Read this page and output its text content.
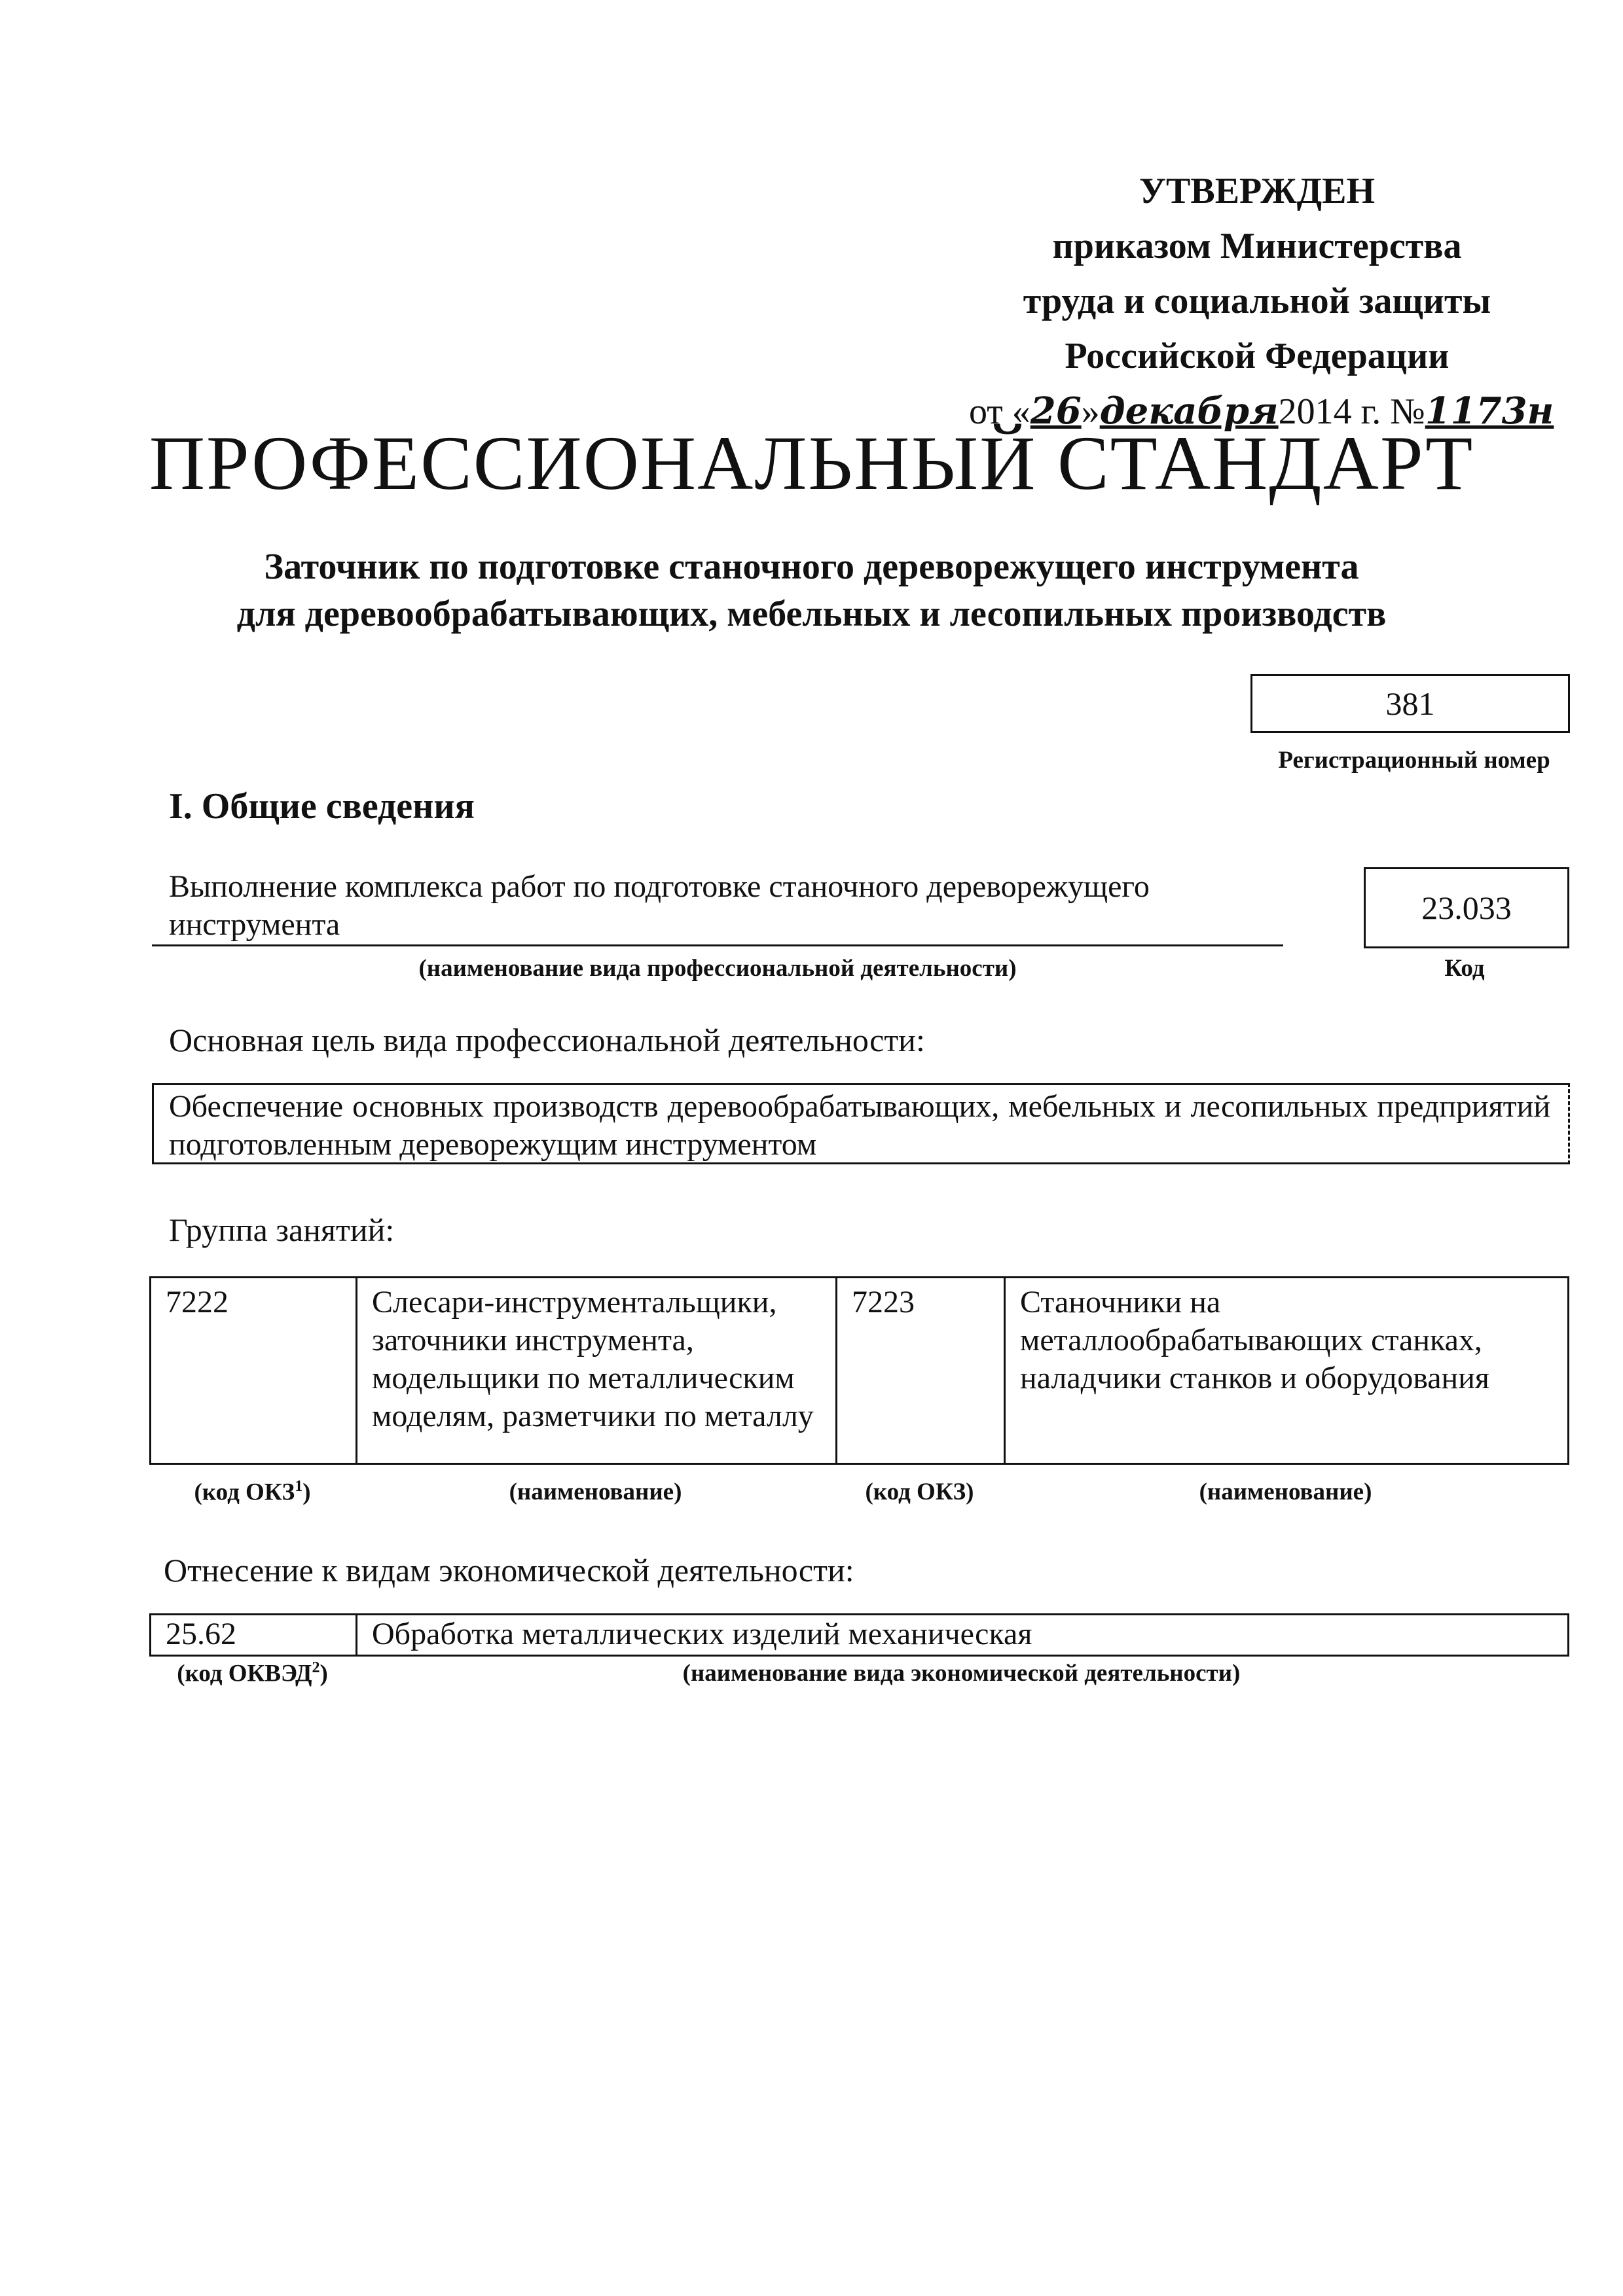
УТВЕРЖДЕН
приказом Министерства
труда и социальной защиты
Российской Федерации
от «26»декабря2014 г. №1173н
ПРОФЕССИОНАЛЬНЫЙ СТАНДАРТ
Заточник по подготовке станочного дереворежущего инструмента
для деревообрабатывающих, мебельных и лесопильных производств
381
Регистрационный номер
I. Общие сведения
Выполнение комплекса работ по подготовке станочного дереворежущего инструмента	23.033
(наименование вида профессиональной деятельности)	Код
Основная цель вида профессиональной деятельности:
Обеспечение основных производств деревообрабатывающих, мебельных и лесопильных предприятий подготовленным дереворежущим инструментом
Группа занятий:
7222	Слесари-инструментальщики, заточники инструмента, модельщики по металлическим моделям, разметчики по металлу	7223	Станочники на металлообрабатывающих станках, наладчики станков и оборудования
(код ОКЗ$^1$)	(наименование)	(код ОКЗ)	(наименование)
Отнесение к видам экономической деятельности:
25.62	Обработка металлических изделий механическая
(код ОКВЭД$^2$)	(наименование вида экономической деятельности)
